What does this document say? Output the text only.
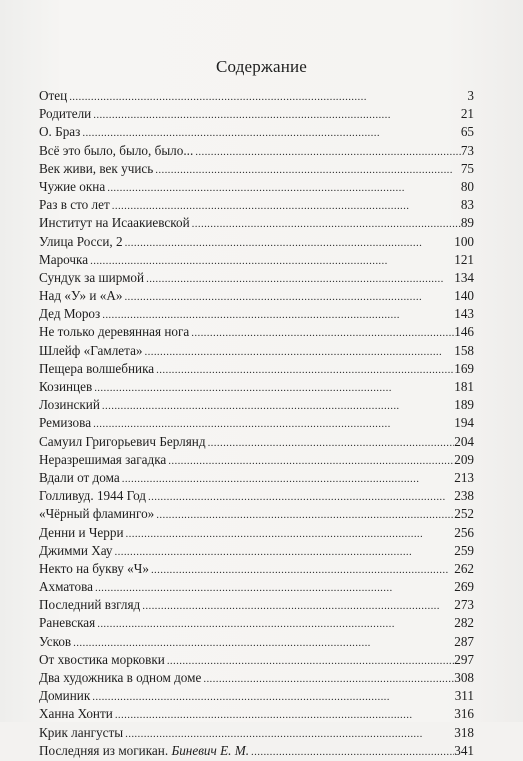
Содержание
Отец . . .	3
Родители . . .	21
О. Браз . . .	65
Всё это было, было, было... . . .	73
Век живи, век учись . . .	75
Чужие окна . . .	80
Раз в сто лет . . .	83
Институт на Исаакиевской . . .	89
Улица Росси, 2 . . .	100
Марочка . . .	121
Сундук за ширмой . . .	134
Над «У» и «А» . . .	140
Дед Мороз . . .	143
Не только деревянная нога . . .	146
Шлейф «Гамлета» . . .	158
Пещера волшебника . . .	169
Козинцев . . .	181
Лозинский . . .	189
Ремизова . . .	194
Самуил Григорьевич Берлянд . . .	204
Неразрешимая загадка . . .	209
Вдали от дома . . .	213
Голливуд. 1944 Год . . .	238
«Чёрный фламинго» . . .	252
Денни и Черри . . .	256
Джимми Хау . . .	259
Некто на букву «Ч» . . .	262
Ахматова . . .	269
Последний взгляд . . .	273
Раневская . . .	282
Усков . . .	287
От хвостика морковки . . .	297
Два художника в одном доме . . .	308
Доминик . . .	311
Ханна Хонти . . .	316
Крик лангусты . . .	318
Последняя из могикан. Биневич Е. М. . . .	341
